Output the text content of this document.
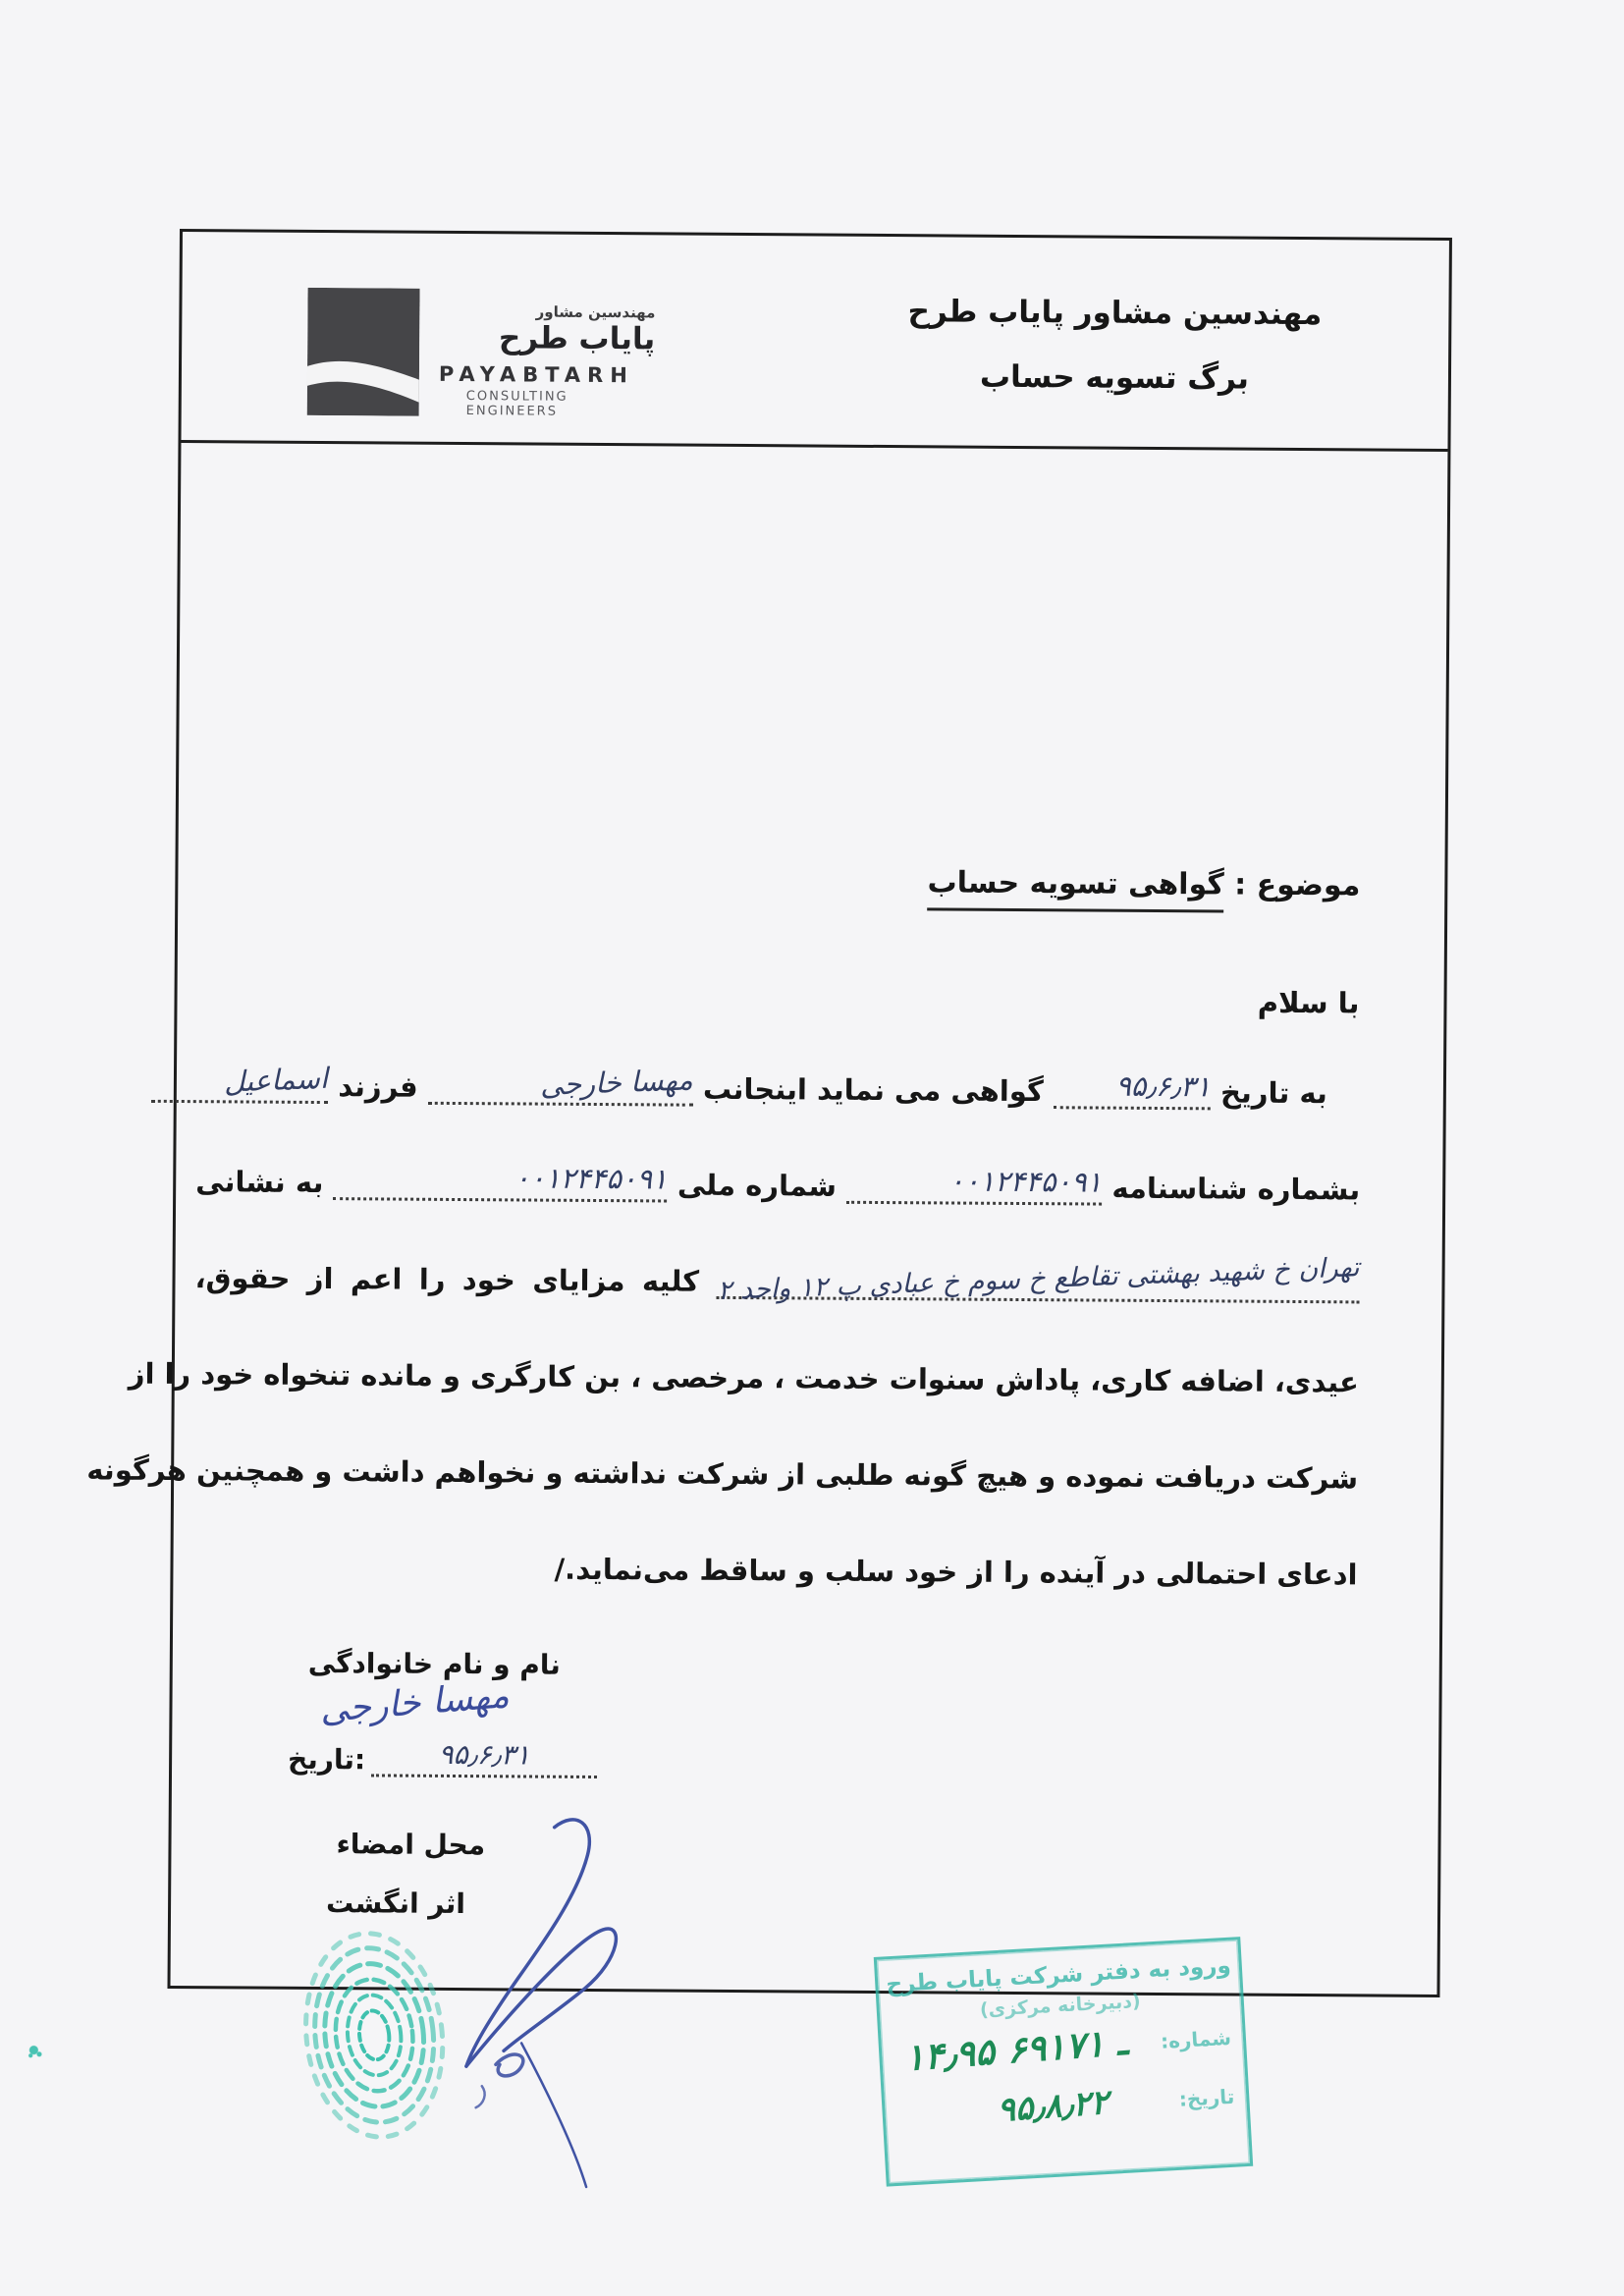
مهندسین مشاور
پایاب طرح
PAYABTARH
CONSULTING ENGINEERS
مهندسین مشاور پایاب طرح
برگ تسویه حساب
موضوع : گواهی تسویه حساب
با سلام
به تاریخ ۹۵٫۶٫۳۱ گواهی می نماید اینجانب مهسا خارجی فرزند اسماعیل
بشماره شناسنامه ۰۰۱۲۴۴۵۰۹۱ شماره ملی ۰۰۱۲۴۴۵۰۹۱ به نشانی
تهران خ شهید بهشتی تقاطع خ سوم خ عبادی پ ۱۲ واحد ۲ کلیه مزایای خود را اعم از حقوق،
عیدی، اضافه کاری، پاداش سنوات خدمت ، مرخصی ، بن کارگری و مانده تنخواه خود را از
شرکت دریافت نموده و هیچ گونه طلبی از شرکت نداشته و نخواهم داشت و همچنین هرگونه
ادعای احتمالی در آینده را از خود سلب و ساقط می‌نماید./
نام و نام خانوادگی
مهسا خارجی
تاریخ:	۹۵٫۶٫۳۱
محل امضاء
اثر انگشت
ورود به دفتر شرکت پایاب طرح
(دبیرخانه مرکزی)
شماره:
۱۴٫۹۵ ـ ۶۹۱۷۱
تاریخ:
۹۵٫۸٫۲۲
